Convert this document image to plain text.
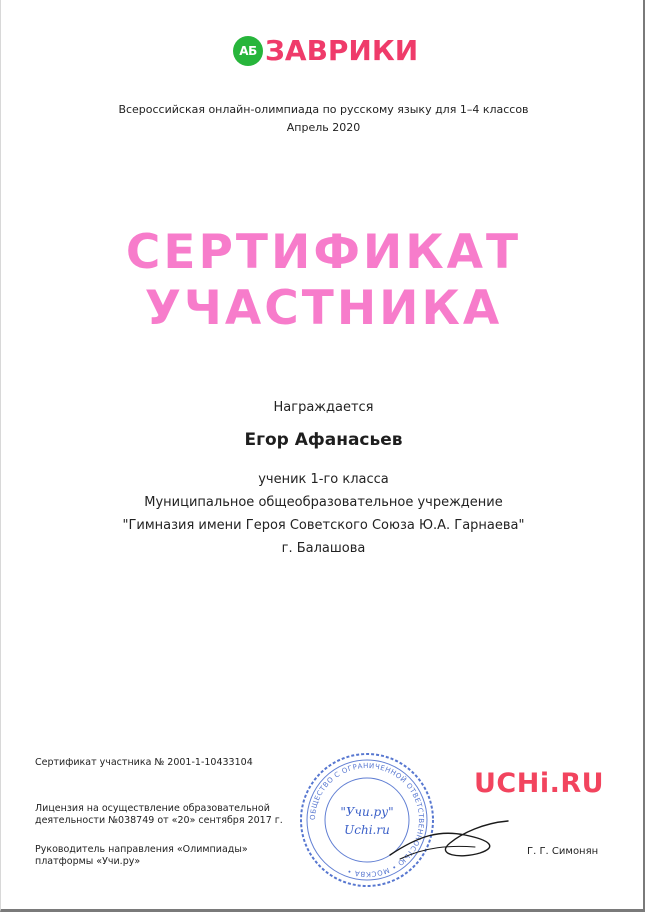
АБ ЗАВРИКИ
Всероссийская онлайн-олимпиада по русскому языку для 1–4 классов
Апрель 2020
СЕРТИФИКАТ
УЧАСТНИКА
Награждается
Егор Афанасьев
ученик 1-го класса
Муниципальное общеобразовательное учреждение
"Гимназия имени Героя Советского Союза Ю.А. Гарнаева"
г. Балашова
Сертификат участника № 2001-1-10433104
Лицензия на осуществление образовательной
деятельности №038749 от «20» сентября 2017 г.
Руководитель направления «Олимпиады»
платформы «Учи.ру»
ОБЩЕСТВО С ОГРАНИЧЕННОЙ ОТВЕТСТВЕННОСТЬЮ • МОСКВА •
"Учи.ру"
Uchi.ru
UCHi.RU
Г. Г. Симонян
